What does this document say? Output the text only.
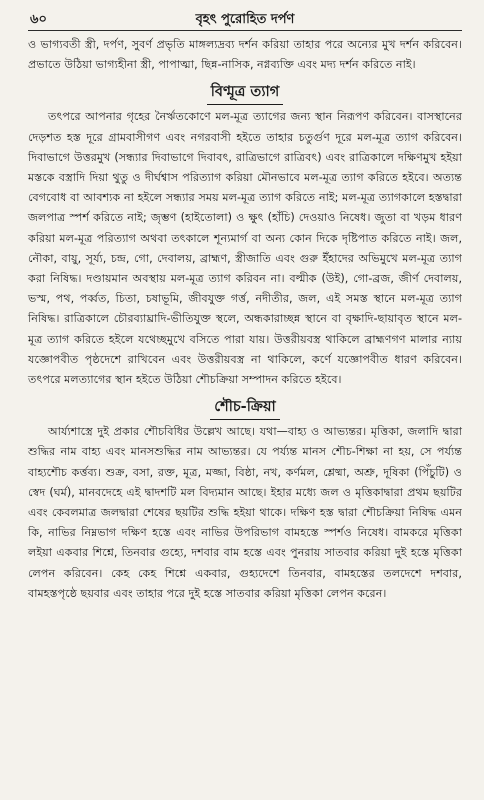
৬০	বৃহৎ পুরোহিত দর্পণ

ও ভাগ্যবতী স্ত্রী, দর্পণ, সুবর্ণ প্রভৃতি মাঙ্গল্যদ্রব্য দর্শন করিয়া তাহার পরে অন্যের মুখ দর্শন করিবেন। প্রভাতে উঠিয়া ভাগ্যহীনা স্ত্রী, পাপাত্মা, ছিন্ন-নাসিক, নগ্নব্যক্তি এবং মদ্য দর্শন করিতে নাই।

বিণ্মূত্র ত্যাগ

তৎপরে আপনার গৃহের নৈর্ঋতকোণে মল-মূত্র ত্যাগের জন্য স্থান নিরূপণ করিবেন। বাসস্থানের দেড়শত হস্ত দূরে গ্রামবাসীগণ এবং নগরবাসী হইতে তাহার চতুর্গুণ দূরে মল-মূত্র ত্যাগ করিবেন। দিবাভাগে উত্তরমুখ (সন্ধ্যার দিবাভাগে দিবাবৎ, রাত্রিভাগে রাত্রিবৎ) এবং রাত্রিকালে দক্ষিণমুখ হইয়া মস্তকে বস্ত্রাদি দিয়া থুতু ও দীর্ঘশ্বাস পরিত্যাগ করিয়া মৌনভাবে মল-মূত্র ত্যাগ করিতে হইবে। অত্যন্ত বেগবোধ বা আবশ্যক না হইলে সন্ধ্যার সময় মল-মূত্র ত্যাগ করিতে নাই; মল-মূত্র ত্যাগকালে হস্তদ্বারা জলপাত্র স্পর্শ করিতে নাই; জৃম্ভণ (হাইতোলা) ও ক্ষুৎ (হাঁচি) দেওয়াও নিষেধ। জুতা বা খড়ম ধারণ করিয়া মল-মূত্র পরিত্যাগ অথবা তৎকালে শূন্যমার্গ বা অন্য কোন দিকে দৃষ্টিপাত করিতে নাই। জল, নৌকা, বায়ু, সূর্য্য, চন্দ্র, গো, দেবালয়, ব্রাহ্মণ, স্ত্রীজাতি এবং গুরু ইঁহাদের অভিমুখে মল-মূত্র ত্যাগ করা নিষিদ্ধ। দণ্ডায়মান অবস্থায় মল-মূত্র ত্যাগ করিবন না। বল্মীক (উই), গো-ব্রজ, জীর্ণ দেবালয়, ভস্ম, পথ, পর্ব্বত, চিতা, চষাভূমি, জীবযুক্ত গর্ত্ত, নদীতীর, জল, এই সমস্ত স্থানে মল-মূত্র ত্যাগ নিষিদ্ধ। রাত্রিকালে চৌরব্যাঘ্রাদি-ভীতিযুক্ত স্থলে, অন্ধকারাচ্ছন্ন স্থানে বা বৃক্ষাদি-ছায়াবৃত স্থানে মল-মূত্র ত্যাগ করিতে হইলে যথেচ্ছমুখে বসিতে পারা যায়। উত্তরীয়বস্ত্র থাকিলে ব্রাহ্মণগণ মালার ন্যায় যজ্ঞোপবীত পৃষ্ঠদেশে রাখিবেন এবং উত্তরীয়বস্ত্র না থাকিলে, কর্ণে যজ্ঞোপবীত ধারণ করিবেন। তৎপরে মলত্যাগের স্থান হইতে উঠিয়া শৌচক্রিয়া সম্পাদন করিতে হইবে।

শৌচ-ক্রিয়া

আর্য্যশাস্ত্রে দুই প্রকার শৌচবিধির উল্লেখ আছে। যথা—বাহ্য ও আভ্যন্তর। মৃত্তিকা, জলাদি দ্বারা শুদ্ধির নাম বাহ্য এবং মানসশুদ্ধির নাম আভ্যন্তর। যে পর্য্যন্ত মানস শৌচ-শিক্ষা না হয়, সে পর্য্যন্ত বাহ্যশৌচ কর্ত্তব্য। শুক্র, বসা, রক্ত, মূত্র, মজ্জা, বিষ্ঠা, নখ, কর্ণমল, শ্লেষ্মা, অশ্রু, দূষিকা (পিঁচুটি) ও স্বেদ (ঘর্ম), মানবদেহে এই দ্বাদশটি মল বিদ্যমান আছে। ইহার মধ্যে জল ও মৃত্তিকাদ্বারা প্রথম ছয়টির এবং কেবলমাত্র জলদ্বারা শেষের ছয়টির শুদ্ধি হইয়া থাকে। দক্ষিণ হস্ত দ্বারা শৌচক্রিয়া নিষিদ্ধ এমন কি, নাভির নিম্নভাগ দক্ষিণ হস্তে এবং নাভির উপরিভাগ বামহস্তে স্পর্শও নিষেধ। বামকরে মৃত্তিকা লইয়া একবার শিশ্নে, তিনবার গুহ্যে, দশবার বাম হস্তে এবং পুনরায় সাতবার করিয়া দুই হস্তে মৃত্তিকা লেপন করিবেন। কেহ কেহ শিশ্নে একবার, গুহ্যদেশে তিনবার, বামহস্তের তলদেশে দশবার, বামহস্তপৃষ্ঠে ছয়বার এবং তাহার পরে দুই হস্তে সাতবার করিয়া মৃত্তিকা লেপন করেন।
